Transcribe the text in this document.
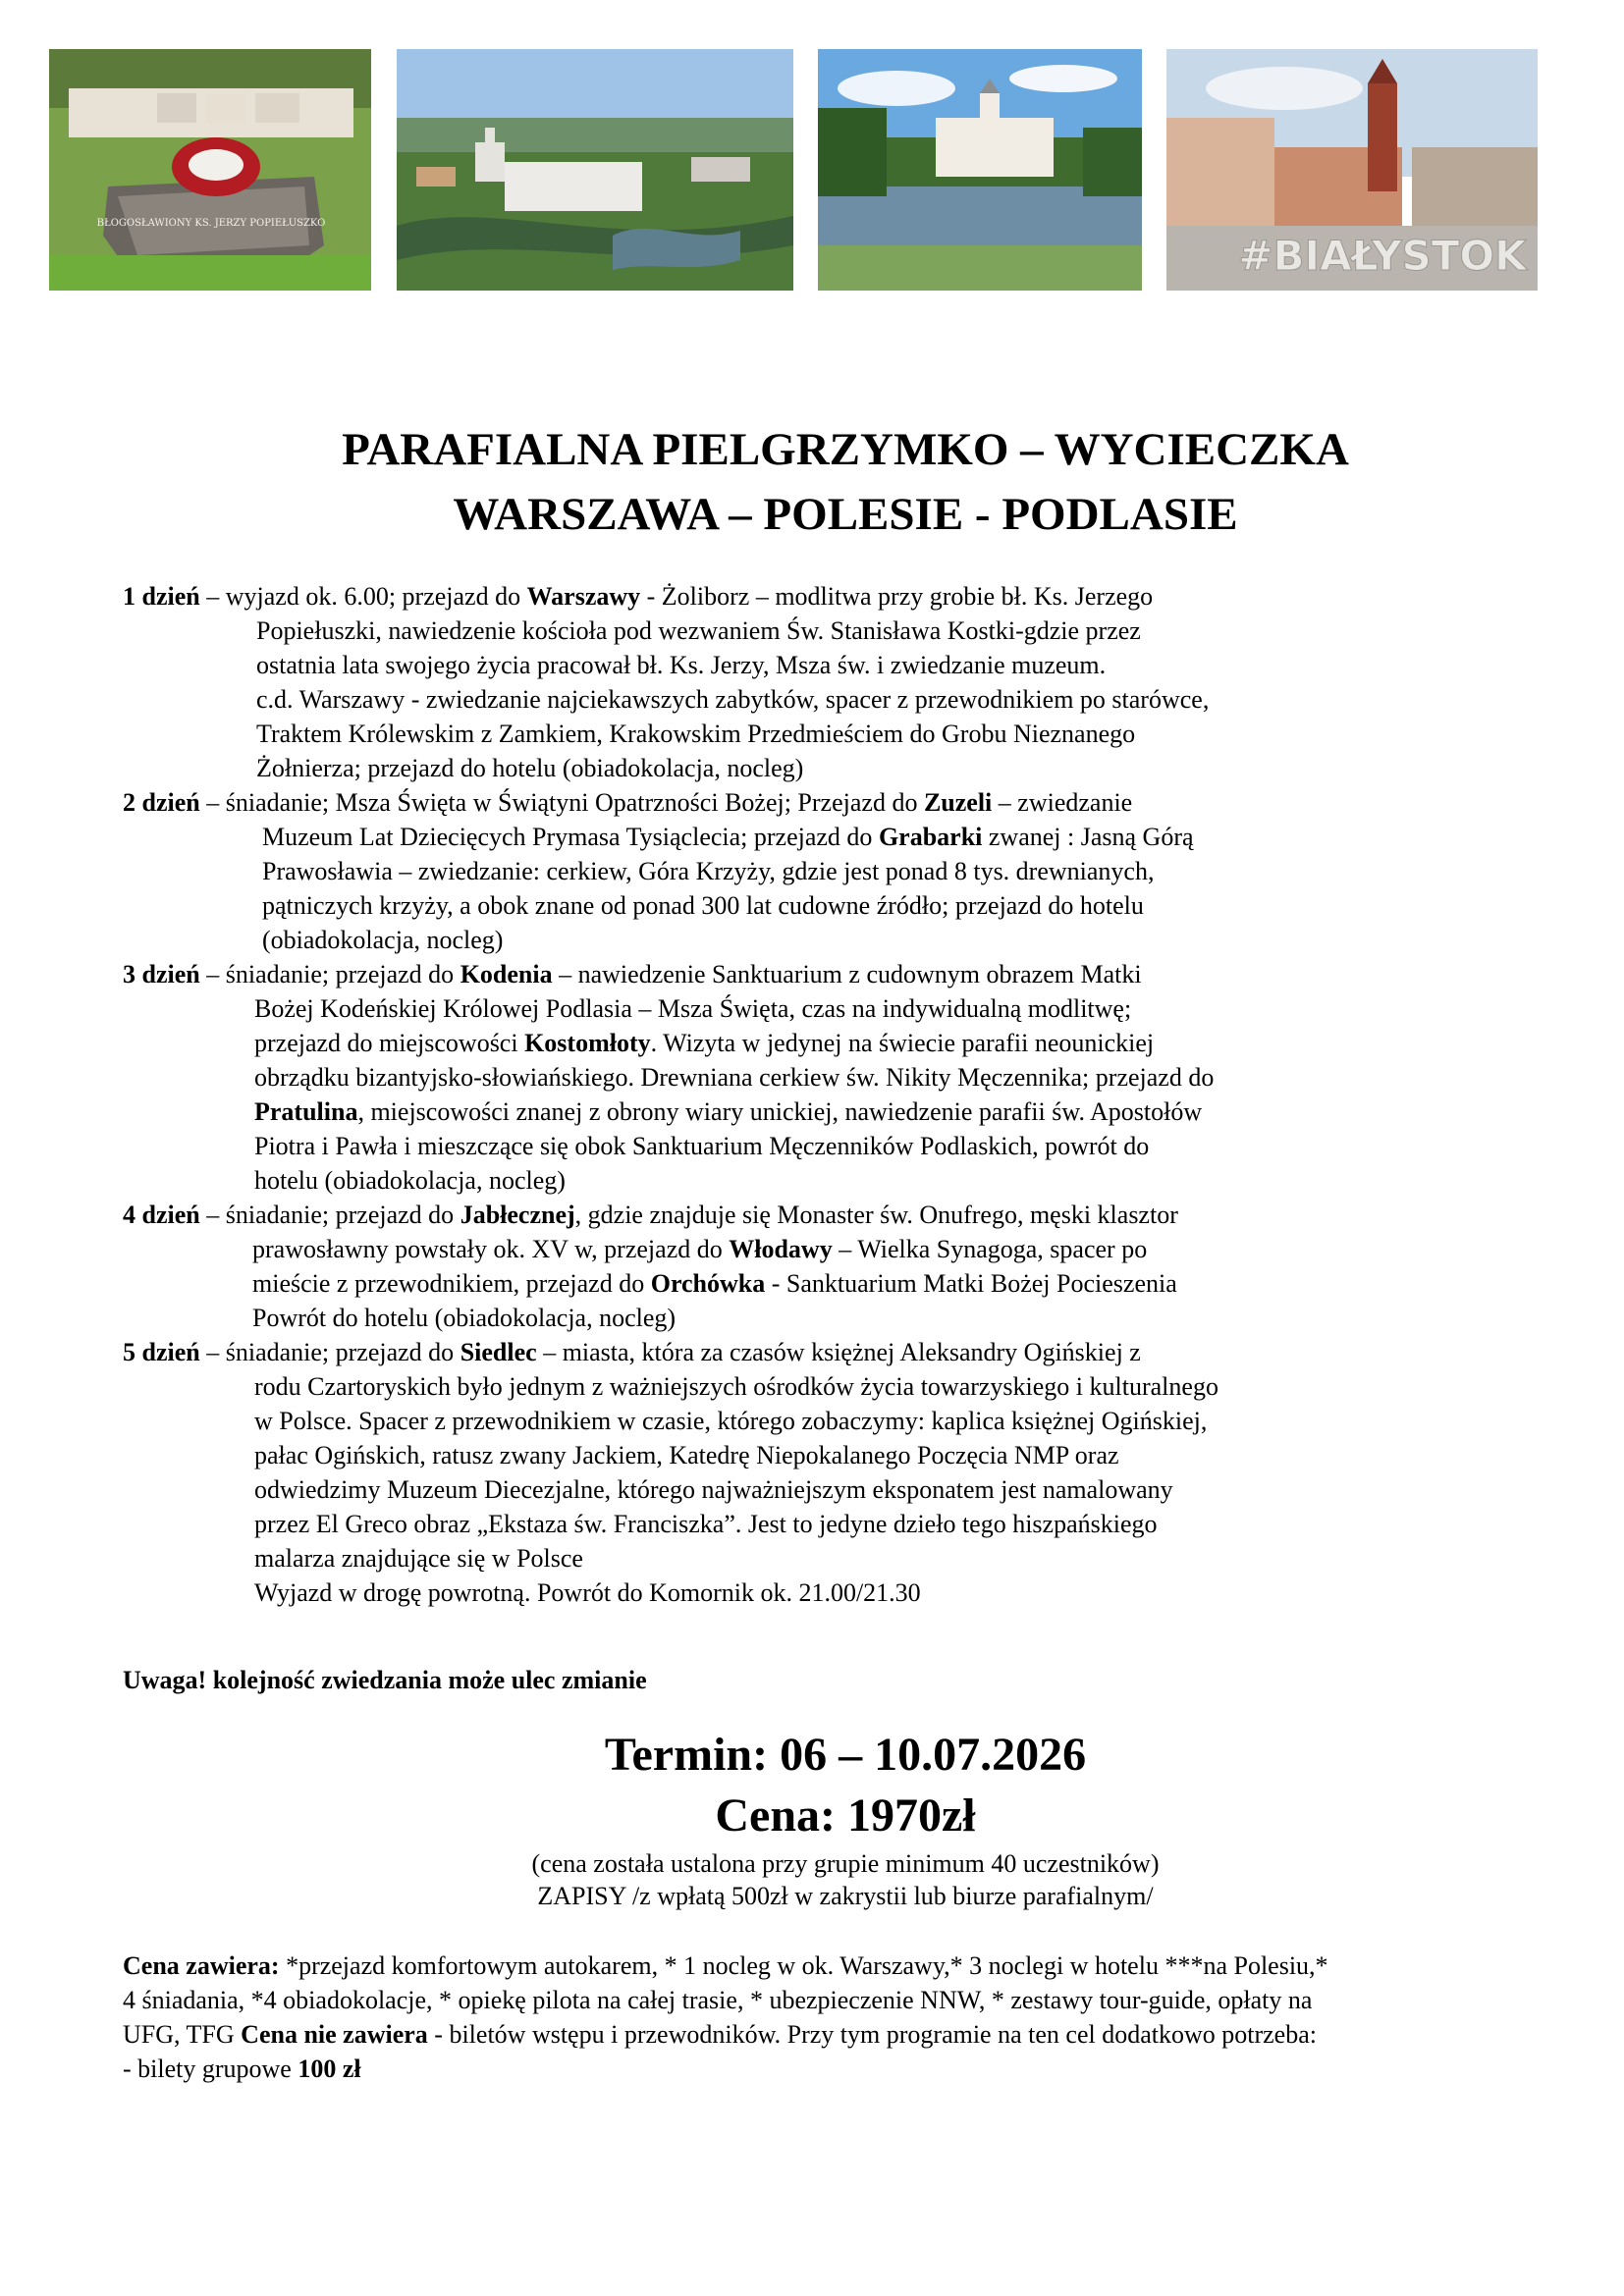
BŁOGOSŁAWIONY KS. JERZY POPIEŁUSZKO
#BIAŁYSTOK
PARAFIALNA PIELGRZYMKO – WYCIECZKA
WARSZAWA – POLESIE - PODLASIE
1 dzień – wyjazd ok. 6.00; przejazd do Warszawy - Żoliborz – modlitwa przy grobie bł. Ks. Jerzego
Popiełuszki, nawiedzenie kościoła pod wezwaniem Św. Stanisława Kostki-gdzie przez
ostatnia lata swojego życia pracował bł. Ks. Jerzy, Msza św. i zwiedzanie muzeum.
c.d. Warszawy - zwiedzanie najciekawszych zabytków, spacer z przewodnikiem po starówce,
Traktem Królewskim z Zamkiem, Krakowskim Przedmieściem do Grobu Nieznanego
Żołnierza; przejazd do hotelu (obiadokolacja, nocleg)
2 dzień – śniadanie; Msza Święta w Świątyni Opatrzności Bożej; Przejazd do Zuzeli – zwiedzanie
Muzeum Lat Dziecięcych Prymasa Tysiąclecia; przejazd do Grabarki zwanej : Jasną Górą
Prawosławia – zwiedzanie: cerkiew, Góra Krzyży, gdzie jest ponad 8 tys. drewnianych,
pątniczych krzyży, a obok znane od ponad 300 lat cudowne źródło; przejazd do hotelu
(obiadokolacja, nocleg)
3 dzień – śniadanie; przejazd do Kodenia – nawiedzenie Sanktuarium z cudownym obrazem Matki
Bożej Kodeńskiej Królowej Podlasia – Msza Święta, czas na indywidualną modlitwę;
przejazd do miejscowości Kostomłoty. Wizyta w jedynej na świecie parafii neounickiej
obrządku bizantyjsko-słowiańskiego. Drewniana cerkiew św. Nikity Męczennika; przejazd do
Pratulina, miejscowości znanej z obrony wiary unickiej, nawiedzenie parafii św. Apostołów
Piotra i Pawła i mieszczące się obok Sanktuarium Męczenników Podlaskich, powrót do
hotelu (obiadokolacja, nocleg)
4 dzień – śniadanie; przejazd do Jabłecznej, gdzie znajduje się Monaster św. Onufrego, męski klasztor
prawosławny powstały ok. XV w, przejazd do Włodawy – Wielka Synagoga, spacer po
mieście z przewodnikiem, przejazd do Orchówka - Sanktuarium Matki Bożej Pocieszenia
Powrót do hotelu (obiadokolacja, nocleg)
5 dzień – śniadanie; przejazd do Siedlec – miasta, która za czasów księżnej Aleksandry Ogińskiej z
rodu Czartoryskich było jednym z ważniejszych ośrodków życia towarzyskiego i kulturalnego
w Polsce. Spacer z przewodnikiem w czasie, którego zobaczymy: kaplica księżnej Ogińskiej,
pałac Ogińskich, ratusz zwany Jackiem, Katedrę Niepokalanego Poczęcia NMP oraz
odwiedzimy Muzeum Diecezjalne, którego najważniejszym eksponatem jest namalowany
przez El Greco obraz „Ekstaza św. Franciszka”. Jest to jedyne dzieło tego hiszpańskiego
malarza znajdujące się w Polsce
Wyjazd w drogę powrotną. Powrót do Komornik ok. 21.00/21.30
Uwaga! kolejność zwiedzania może ulec zmianie
Termin: 06 – 10.07.2026
Cena: 1970zł
(cena została ustalona przy grupie minimum 40 uczestników)
ZAPISY /z wpłatą 500zł w zakrystii lub biurze parafialnym/
Cena zawiera: *przejazd komfortowym autokarem, * 1 nocleg w ok. Warszawy,* 3 noclegi w hotelu ***na Polesiu,*
4 śniadania, *4 obiadokolacje, * opiekę pilota na całej trasie, * ubezpieczenie NNW, * zestawy tour-guide, opłaty na
UFG, TFG Cena nie zawiera - biletów wstępu i przewodników. Przy tym programie na ten cel dodatkowo potrzeba:
- bilety grupowe 100 zł
